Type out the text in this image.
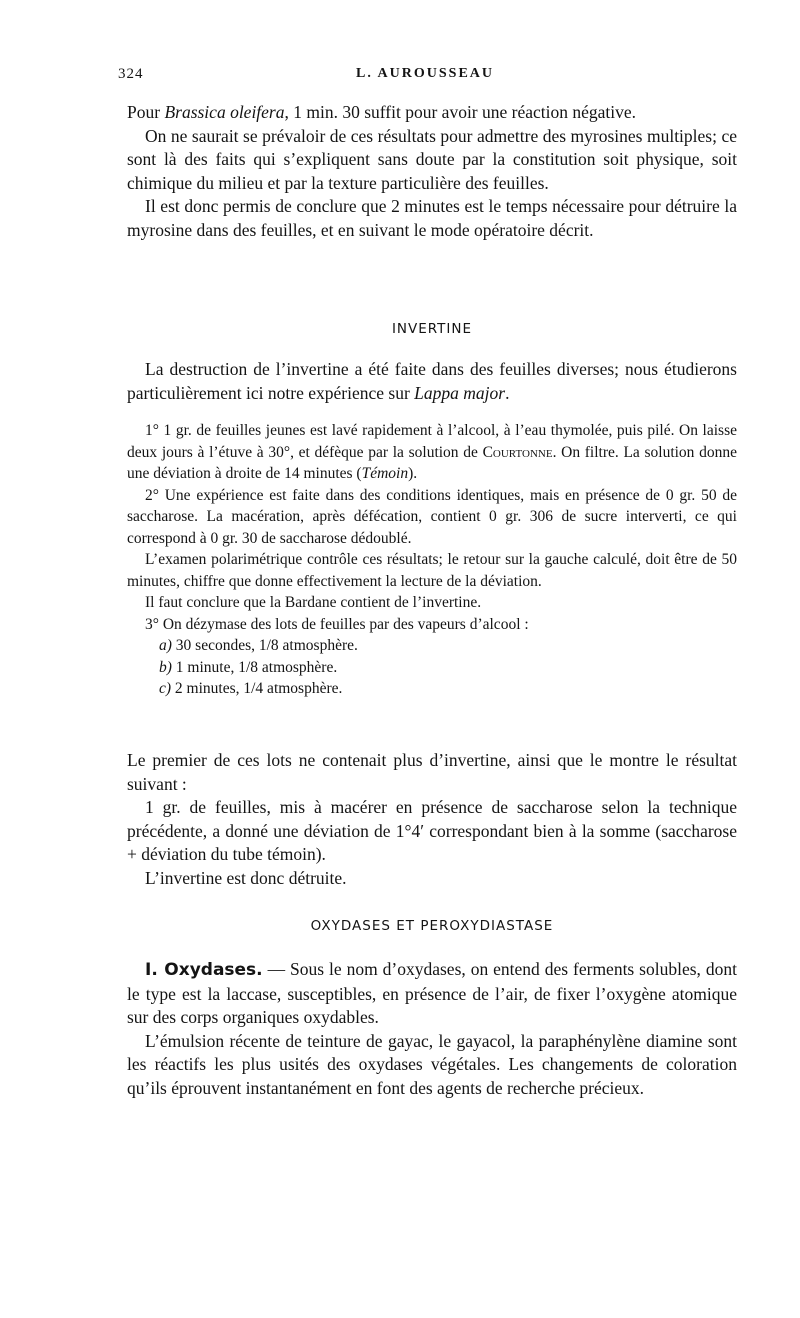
324	L. AUROUSSEAU

Pour Brassica oleifera, 1 min. 30 suffit pour avoir une réaction négative.

On ne saurait se prévaloir de ces résultats pour admettre des myrosines multiples; ce sont là des faits qui s’expliquent sans doute par la constitution soit physique, soit chimique du milieu et par la texture particulière des feuilles.

Il est donc permis de conclure que 2 minutes est le temps nécessaire pour détruire la myrosine dans des feuilles, et en suivant le mode opératoire décrit.

INVERTINE

La destruction de l’invertine a été faite dans des feuilles diverses; nous étudierons particulièrement ici notre expérience sur Lappa major.

1° 1 gr. de feuilles jeunes est lavé rapidement à l’alcool, à l’eau thymolée, puis pilé. On laisse deux jours à l’étuve à 30°, et défèque par la solution de Courtonne. On filtre. La solution donne une déviation à droite de 14 minutes (Témoin).

2° Une expérience est faite dans des conditions identiques, mais en présence de 0 gr. 50 de saccharose. La macération, après défécation, contient 0 gr. 306 de sucre interverti, ce qui correspond à 0 gr. 30 de saccharose dédoublé.

L’examen polarimétrique contrôle ces résultats; le retour sur la gauche calculé, doit être de 50 minutes, chiffre que donne effectivement la lecture de la déviation.

Il faut conclure que la Bardane contient de l’invertine.

3° On dézymase des lots de feuilles par des vapeurs d’alcool :

a) 30 secondes, 1/8 atmosphère.

b) 1 minute, 1/8 atmosphère.

c) 2 minutes, 1/4 atmosphère.

Le premier de ces lots ne contenait plus d’invertine, ainsi que le montre le résultat suivant :

1 gr. de feuilles, mis à macérer en présence de saccharose selon la technique précédente, a donné une déviation de 1°4′ correspondant bien à la somme (saccharose + déviation du tube témoin).

L’invertine est donc détruite.

OXYDASES ET PEROXYDIASTASE

I. Oxydases. — Sous le nom d’oxydases, on entend des ferments solubles, dont le type est la laccase, susceptibles, en présence de l’air, de fixer l’oxygène atomique sur des corps organiques oxydables.

L’émulsion récente de teinture de gayac, le gayacol, la paraphénylène diamine sont les réactifs les plus usités des oxydases végétales. Les changements de coloration qu’ils éprouvent instantanément en font des agents de recherche précieux.
